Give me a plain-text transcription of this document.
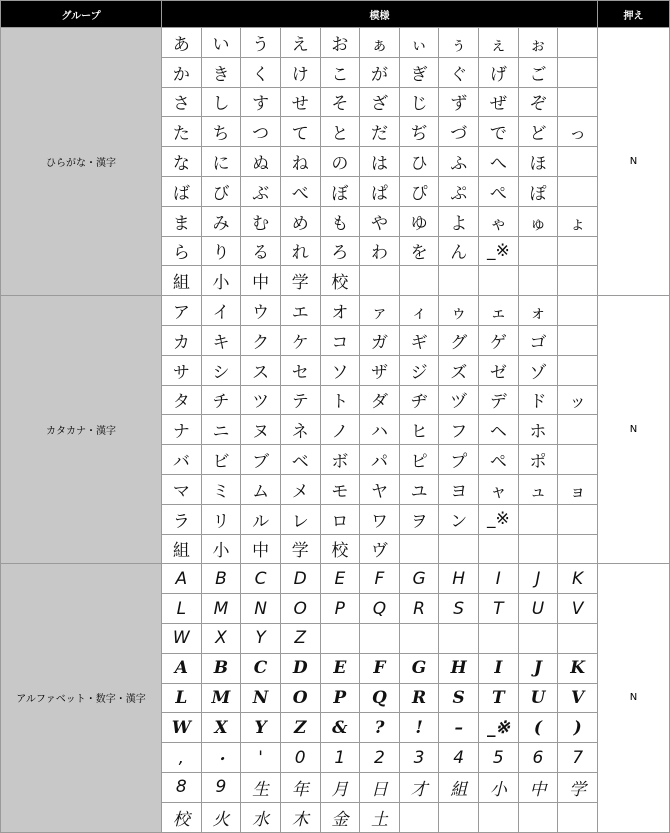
グループ	模様											押え
ひらがな・漢字	あ	い	う	え	お	ぁ	ぃ	ぅ	ぇ	ぉ		N
	か	き	く	け	こ	が	ぎ	ぐ	げ	ご		
	さ	し	す	せ	そ	ざ	じ	ず	ぜ	ぞ		
	た	ち	つ	て	と	だ	ぢ	づ	で	ど	っ	
	な	に	ぬ	ね	の	は	ひ	ふ	へ	ほ		
	ば	び	ぶ	べ	ぼ	ぱ	ぴ	ぷ	ぺ	ぽ		
	ま	み	む	め	も	や	ゆ	よ	ゃ	ゅ	ょ	
	ら	り	る	れ	ろ	わ	を	ん	_※			
	組	小	中	学	校							
カタカナ・漢字	ア	イ	ウ	エ	オ	ァ	ィ	ゥ	ェ	ォ		N
	カ	キ	ク	ケ	コ	ガ	ギ	グ	ゲ	ゴ		
	サ	シ	ス	セ	ソ	ザ	ジ	ズ	ゼ	ゾ		
	タ	チ	ツ	テ	ト	ダ	ヂ	ヅ	デ	ド	ッ	
	ナ	ニ	ヌ	ネ	ノ	ハ	ヒ	フ	ヘ	ホ		
	バ	ビ	ブ	ベ	ボ	パ	ピ	プ	ペ	ポ		
	マ	ミ	ム	メ	モ	ヤ	ユ	ヨ	ャ	ュ	ョ	
	ラ	リ	ル	レ	ロ	ワ	ヲ	ン	_※			
	組	小	中	学	校	ヴ						
アルファベット・数字・漢字	A	B	C	D	E	F	G	H	I	J	K	N
	L	M	N	O	P	Q	R	S	T	U	V	
	W	X	Y	Z								
	A	B	C	D	E	F	G	H	I	J	K	
	L	M	N	O	P	Q	R	S	T	U	V	
	W	X	Y	Z	&	?	!	–	_※	(	)	
	,	・	'	0	1	2	3	4	5	6	7	
	8	9	生	年	月	日	才	組	小	中	学	
	校	火	水	木	金	土						
